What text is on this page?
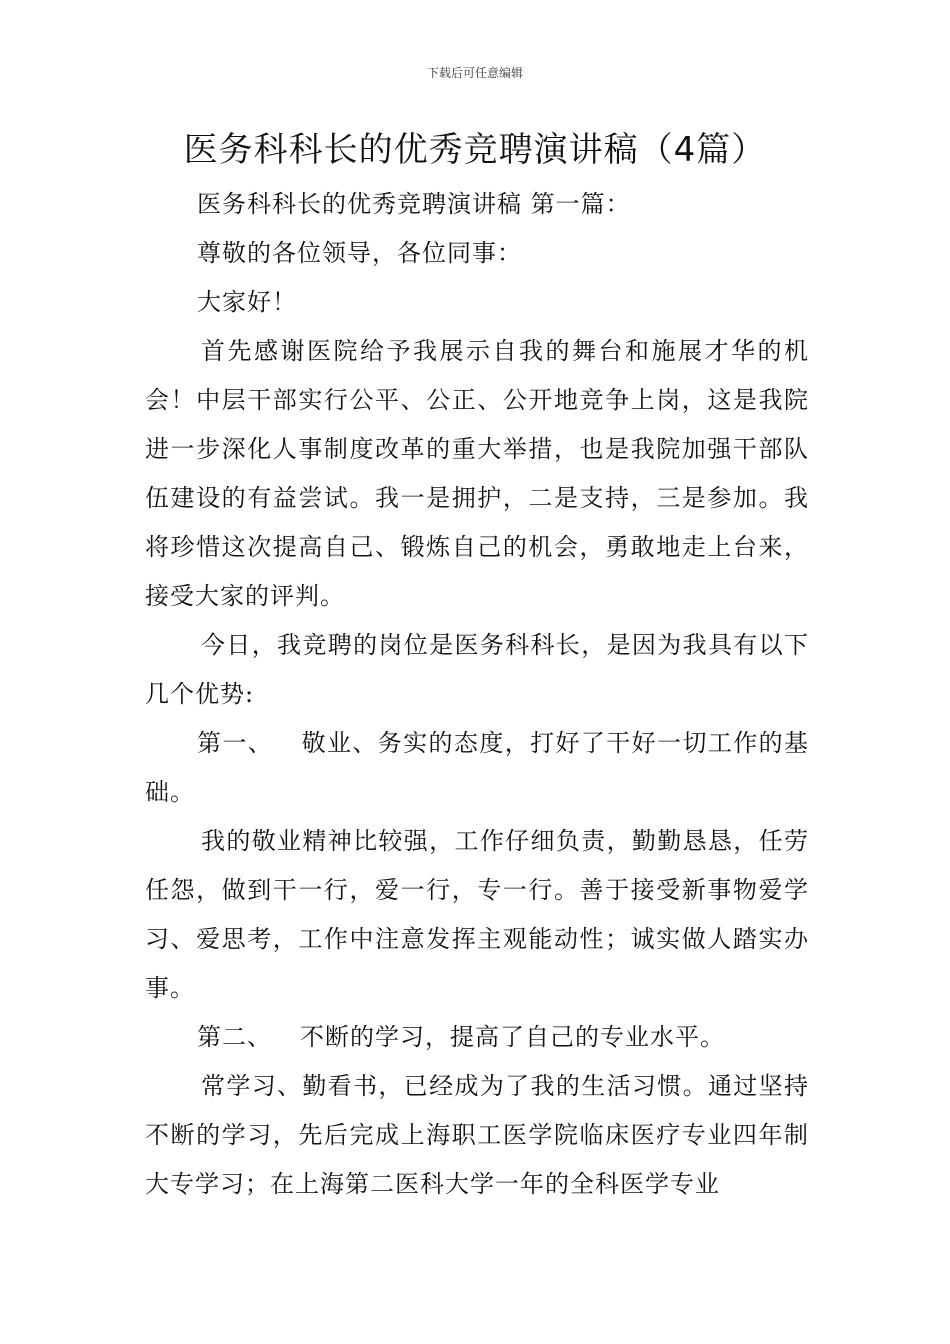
下载后可任意编辑
医务科科长的优秀竞聘演讲稿（4篇）

医务科科长的优秀竞聘演讲稿 第一篇：

尊敬的各位领导，各位同事：

大家好！

首先感谢医院给予我展示自我的舞台和施展才华的机会！中层干部实行公平、公正、公开地竞争上岗，这是我院进一步深化人事制度改革的重大举措，也是我院加强干部队伍建设的有益尝试。我一是拥护，二是支持，三是参加。我将珍惜这次提高自己、锻炼自己的机会，勇敢地走上台来，接受大家的评判。

今日，我竞聘的岗位是医务科科长，是因为我具有以下几个优势:

第一、 敬业、务实的态度，打好了干好一切工作的基础。

我的敬业精神比较强，工作仔细负责，勤勤恳恳，任劳任怨，做到干一行，爱一行，专一行。善于接受新事物爱学习、爱思考，工作中注意发挥主观能动性；诚实做人踏实办事。

第二、 不断的学习，提高了自己的专业水平。

常学习、勤看书，已经成为了我的生活习惯。通过坚持不断的学习，先后完成上海职工医学院临床医疗专业四年制大专学习；在上海第二医科大学一年的全科医学专业
